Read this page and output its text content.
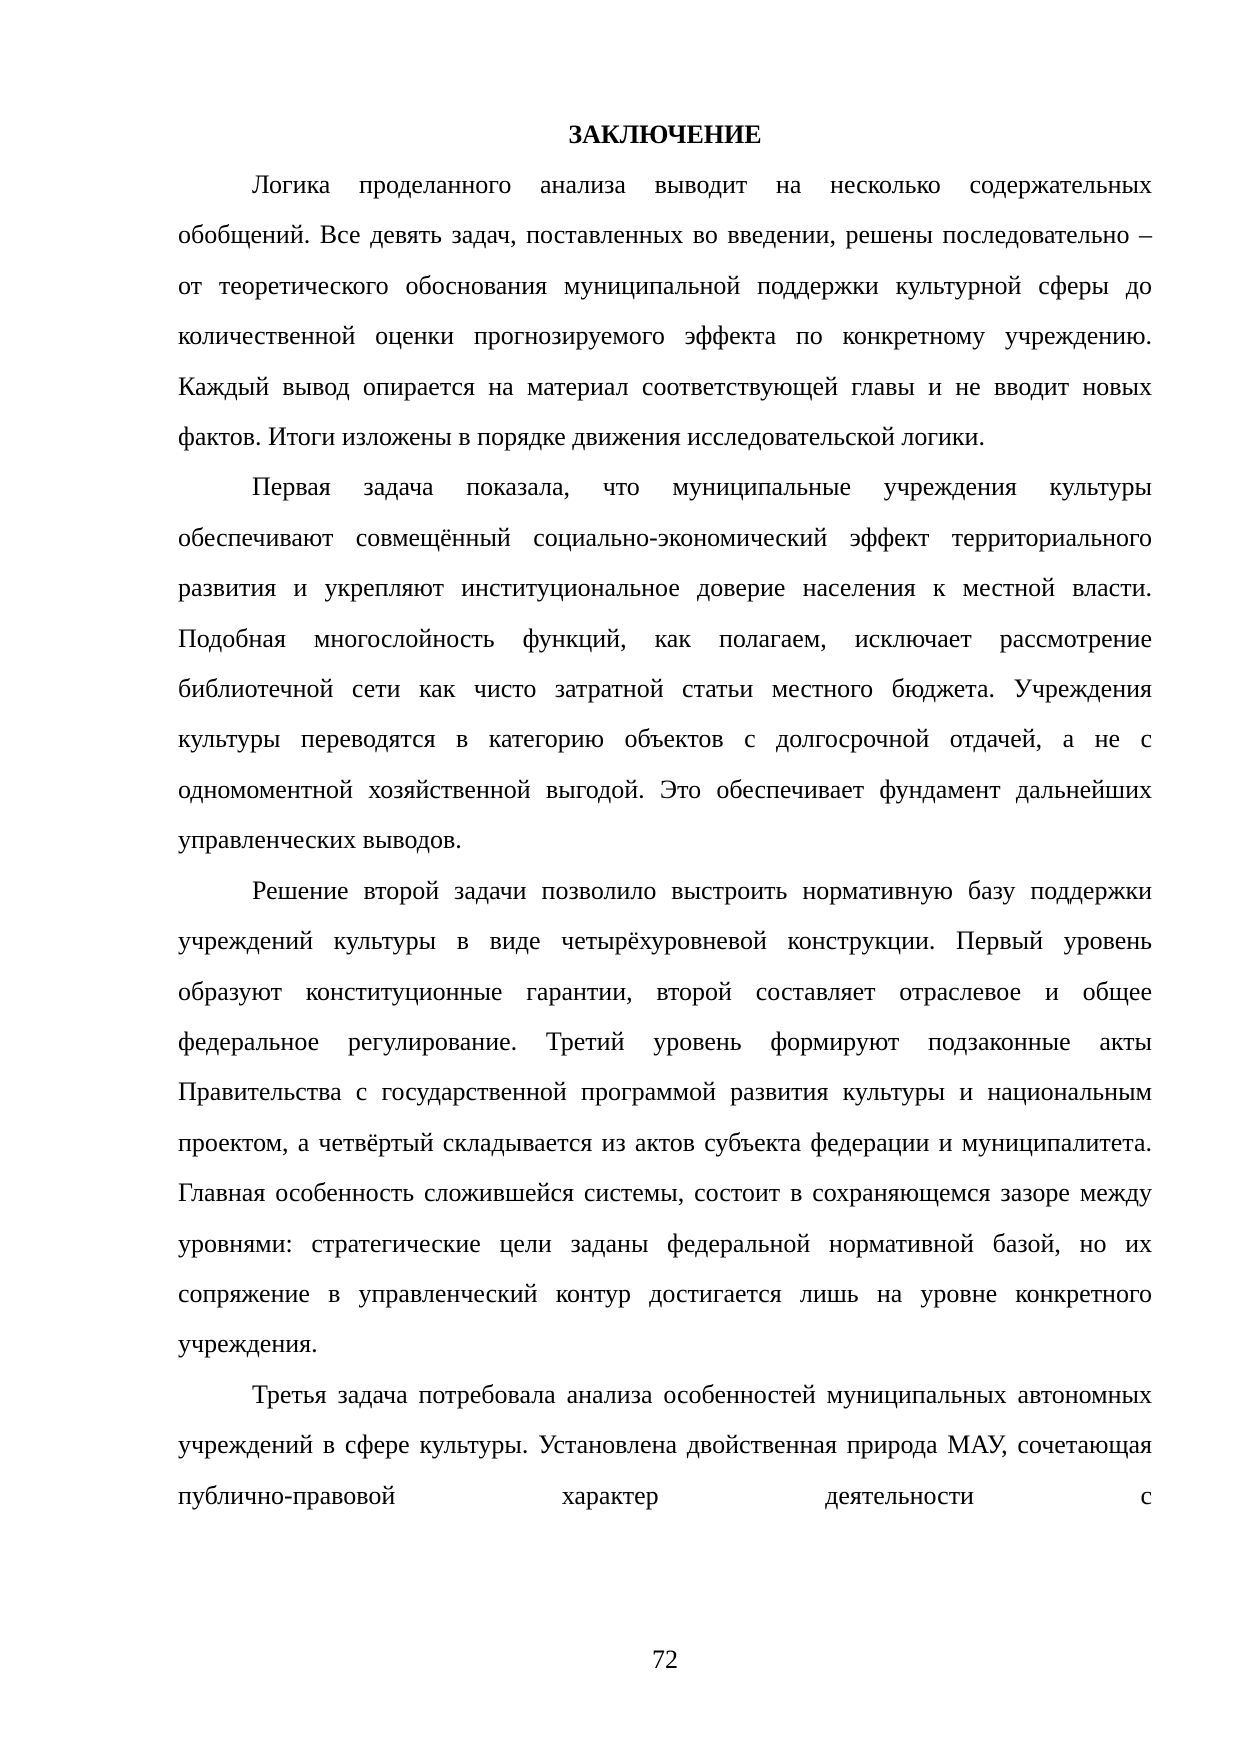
ЗАКЛЮЧЕНИЕ

Логика проделанного анализа выводит на несколько содержательных обобщений. Все девять задач, поставленных во введении, решены последовательно – от теоретического обоснования муниципальной поддержки культурной сферы до количественной оценки прогнозируемого эффекта по конкретному учреждению. Каждый вывод опирается на материал соответствующей главы и не вводит новых фактов. Итоги изложены в порядке движения исследовательской логики.

Первая задача показала, что муниципальные учреждения культуры обеспечивают совмещённый социально-экономический эффект территориального развития и укрепляют институциональное доверие населения к местной власти. Подобная многослойность функций, как полагаем, исключает рассмотрение библиотечной сети как чисто затратной статьи местного бюджета. Учреждения культуры переводятся в категорию объектов с долгосрочной отдачей, а не с одномоментной хозяйственной выгодой. Это обеспечивает фундамент дальнейших управленческих выводов.

Решение второй задачи позволило выстроить нормативную базу поддержки учреждений культуры в виде четырёхуровневой конструкции. Первый уровень образуют конституционные гарантии, второй составляет отраслевое и общее федеральное регулирование. Третий уровень формируют подзаконные акты Правительства с государственной программой развития культуры и национальным проектом, а четвёртый складывается из актов субъекта федерации и муниципалитета. Главная особенность сложившейся системы, состоит в сохраняющемся зазоре между уровнями: стратегические цели заданы федеральной нормативной базой, но их сопряжение в управленческий контур достигается лишь на уровне конкретного учреждения.

Третья задача потребовала анализа особенностей муниципальных автономных учреждений в сфере культуры. Установлена двойственная природа МАУ, сочетающая публично-правовой характер деятельности с

72
